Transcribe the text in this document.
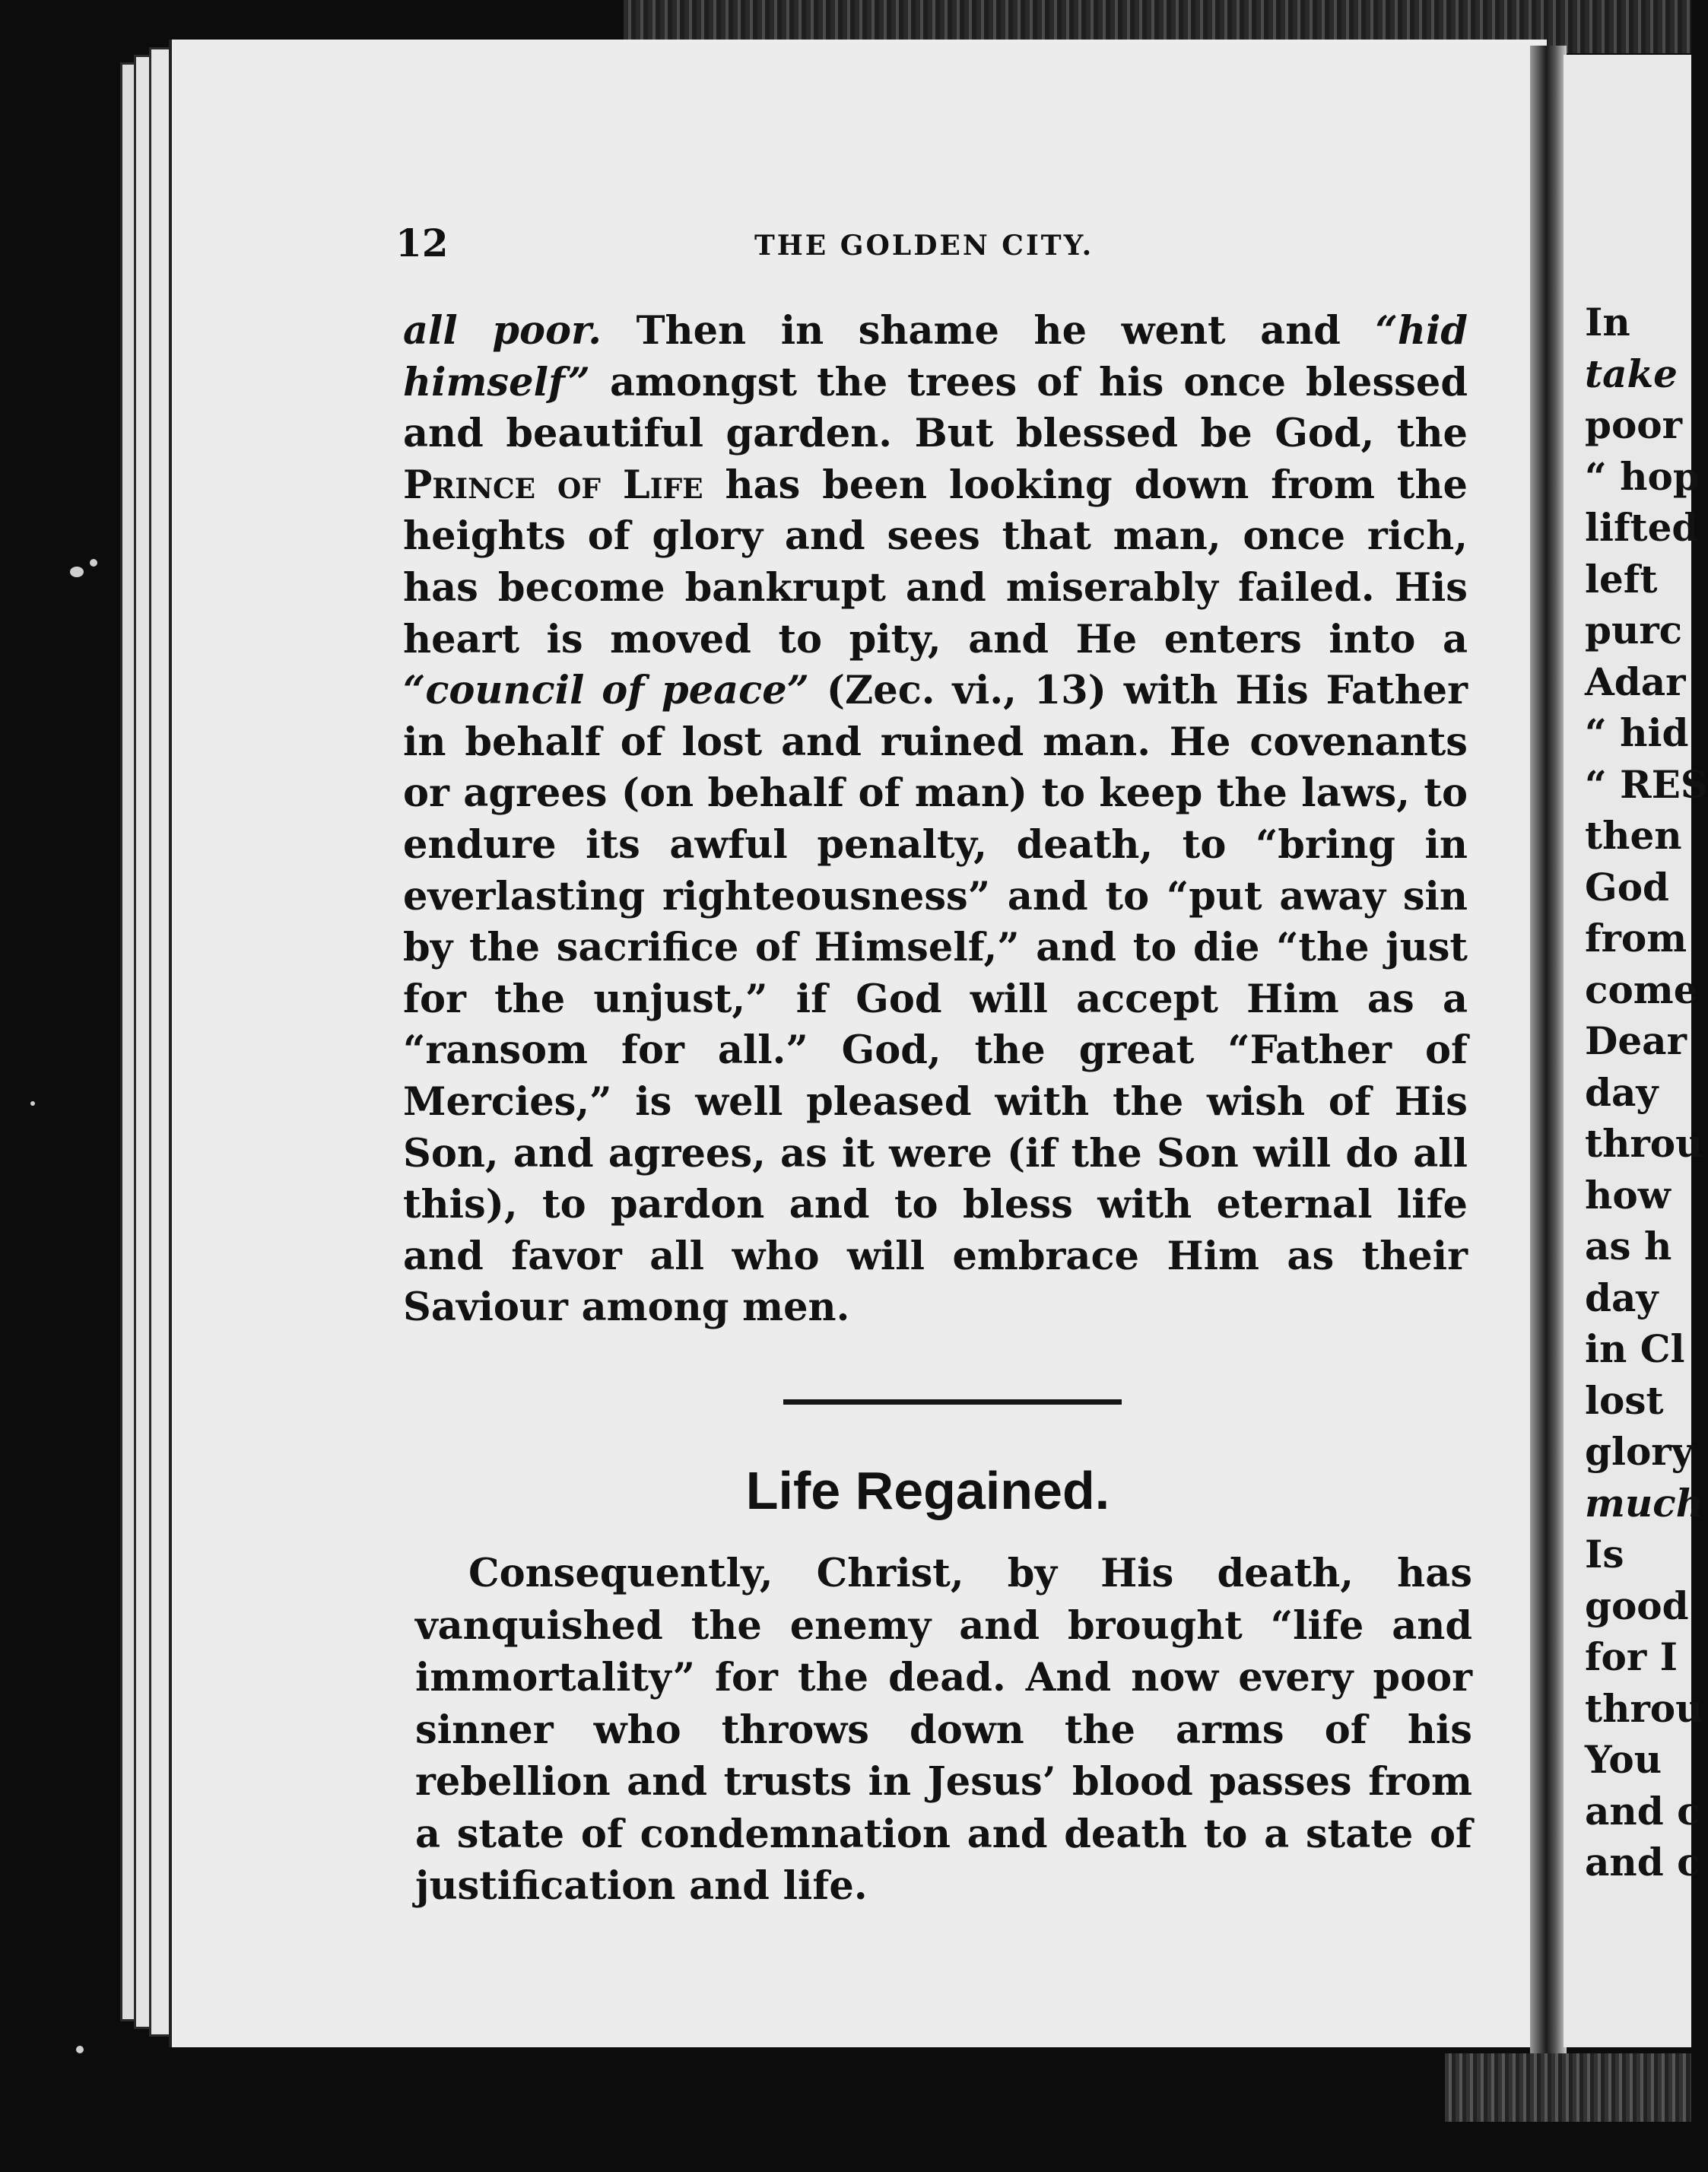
In
take
poor
“ hop
lifted
left
purc
Adar
“ hid
“ RES
then
God
from
come
Dear
day
throu
how
as h
day
in Cl
lost
glory
much
Is
good
for I
throu
You
and c
and c
12	THE GOLDEN CITY.

all poor. Then in shame he went and “hid himself” amongst the trees of his once blessed and beautiful garden. But blessed be God, the Prince of Life has been looking down from the heights of glory and sees that man, once rich, has become bankrupt and miserably failed. His heart is moved to pity, and He enters into a “council of peace” (Zec. vi., 13) with His Father in behalf of lost and ruined man. He covenants or agrees (on behalf of man) to keep the laws, to endure its awful penalty, death, to “bring in everlasting righteousness” and to “put away sin by the sacrifice of Himself,” and to die “the just for the unjust,” if God will accept Him as a “ransom for all.” God, the great “Father of Mercies,” is well pleased with the wish of His Son, and agrees, as it were (if the Son will do all this), to pardon and to bless with eternal life and favor all who will embrace Him as their Saviour among men.

Life Regained.

Consequently, Christ, by His death, has vanquished the enemy and brought “life and immortality” for the dead. And now every poor sinner who throws down the arms of his rebellion and trusts in Jesus’ blood passes from a state of condemnation and death to a state of justification and life.
